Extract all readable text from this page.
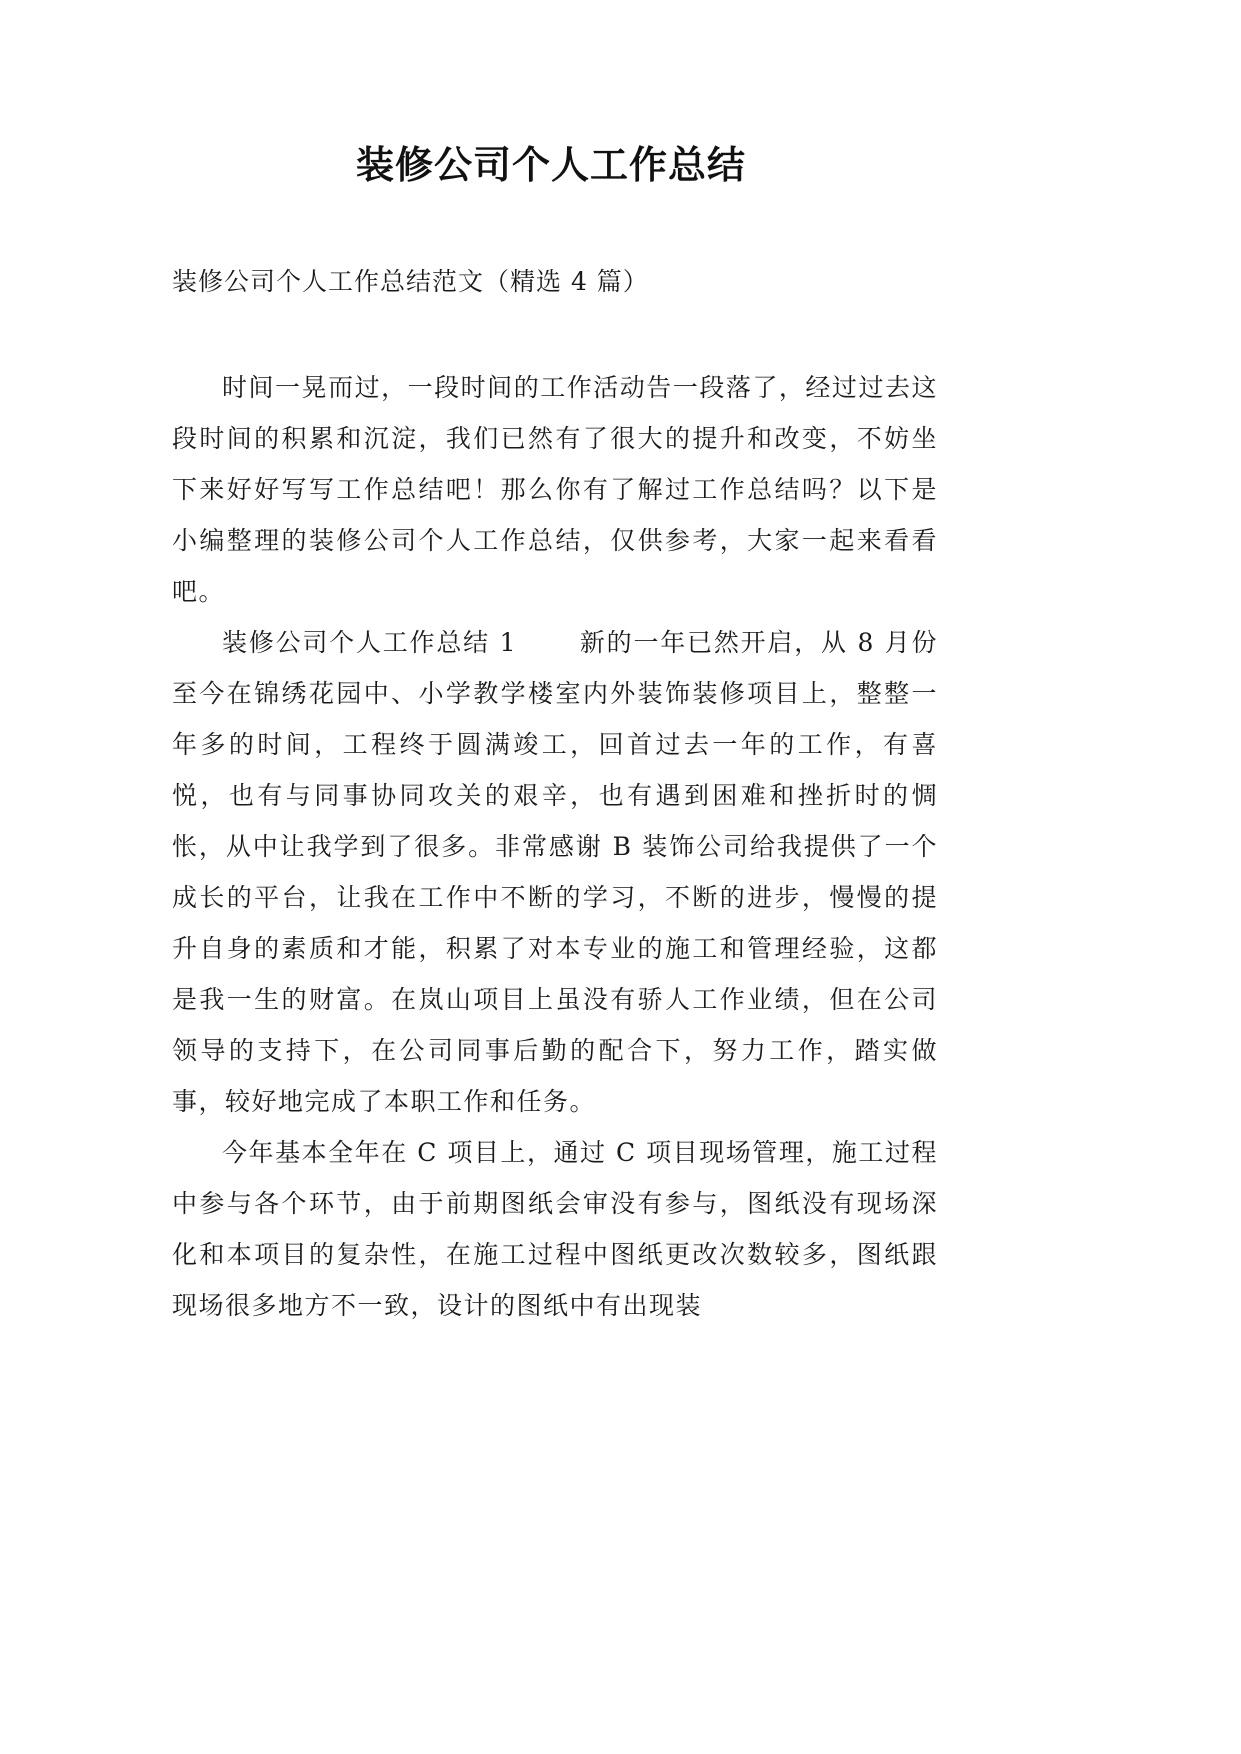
装修公司个人工作总结
装修公司个人工作总结范文（精选 4 篇）

时间一晃而过，一段时间的工作活动告一段落了，经过过去这段时间的积累和沉淀，我们已然有了很大的提升和改变，不妨坐下来好好写写工作总结吧！那么你有了解过工作总结吗？以下是小编整理的装修公司个人工作总结，仅供参考，大家一起来看看吧。

装修公司个人工作总结 1	新的一年已然开启，从 8 月份至今在锦绣花园中、小学教学楼室内外装饰装修项目上，整整一年多的时间，工程终于圆满竣工，回首过去一年的工作，有喜悦，也有与同事协同攻关的艰辛，也有遇到困难和挫折时的惆怅，从中让我学到了很多。非常感谢 B 装饰公司给我提供了一个成长的平台，让我在工作中不断的学习，不断的进步，慢慢的提升自身的素质和才能，积累了对本专业的施工和管理经验，这都是我一生的财富。在岚山项目上虽没有骄人工作业绩，但在公司领导的支持下，在公司同事后勤的配合下，努力工作，踏实做事，较好地完成了本职工作和任务。

今年基本全年在 C 项目上，通过 C 项目现场管理，施工过程中参与各个环节，由于前期图纸会审没有参与，图纸没有现场深化和本项目的复杂性，在施工过程中图纸更改次数较多，图纸跟现场很多地方不一致，设计的图纸中有出现装
